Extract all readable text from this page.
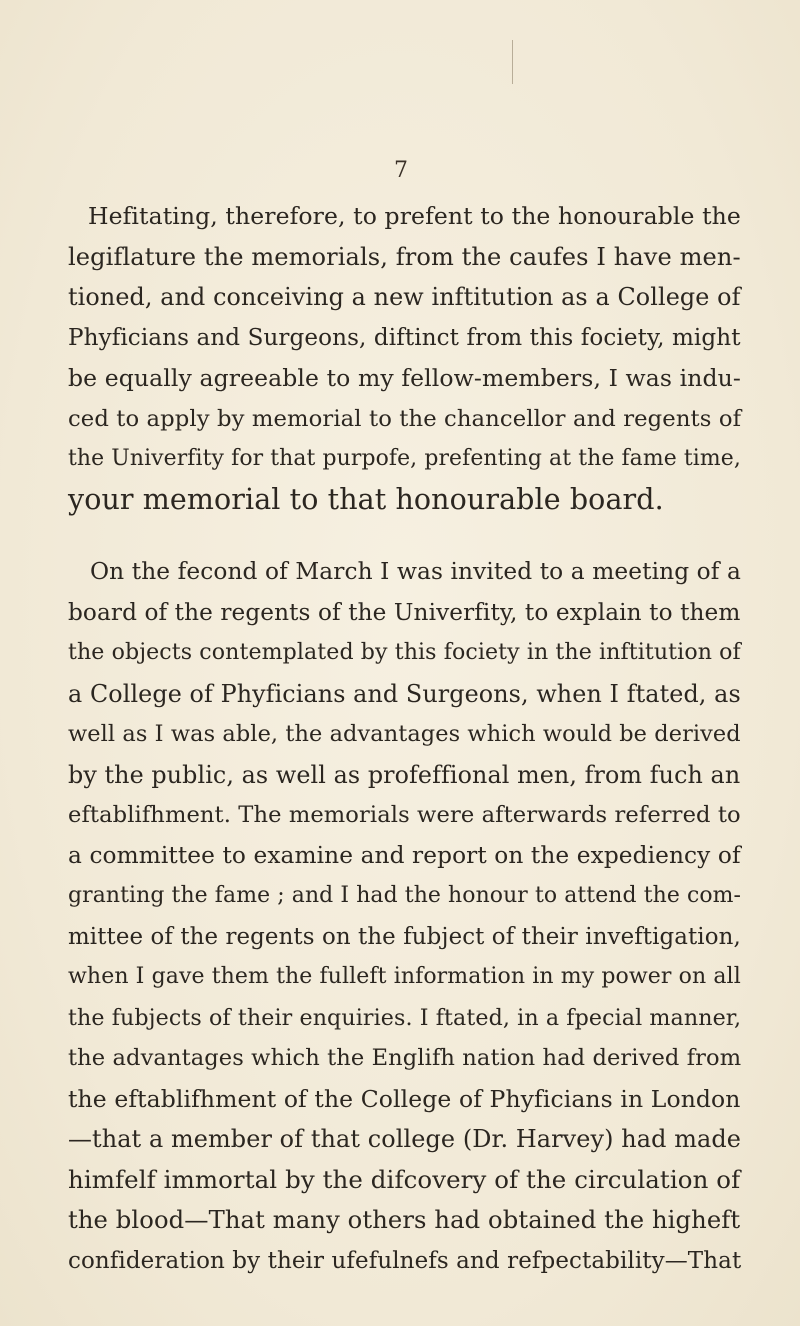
7
Hefitating, therefore, to prefent to the honourable the
legiflature the memorials, from the caufes I have men-
tioned, and conceiving a new inftitution as a College of
Phyficians and Surgeons, diftinct from this fociety, might
be equally agreeable to my fellow-members, I was indu-
ced to apply by memorial to the chancellor and regents of
the Univerfity for that purpofe, prefenting at the fame time,
your memorial to that honourable board.
On the fecond of March I was invited to a meeting of a
board of the regents of the Univerfity, to explain to them
the objects contemplated by this fociety in the inftitution of
a College of Phyficians and Surgeons, when I ftated, as
well as I was able, the advantages which would be derived
by the public, as well as profeffional men, from fuch an
eftablifhment. The memorials were afterwards referred to
a committee to examine and report on the expediency of
granting the fame ; and I had the honour to attend the com-
mittee of the regents on the fubject of their inveftigation,
when I gave them the fulleft information in my power on all
the fubjects of their enquiries. I ftated, in a fpecial manner,
the advantages which the Englifh nation had derived from
the eftablifhment of the College of Phyficians in London
—that a member of that college (Dr. Harvey) had made
himfelf immortal by the difcovery of the circulation of
the blood—That many others had obtained the higheft
confideration by their ufefulnefs and refpectability—That
